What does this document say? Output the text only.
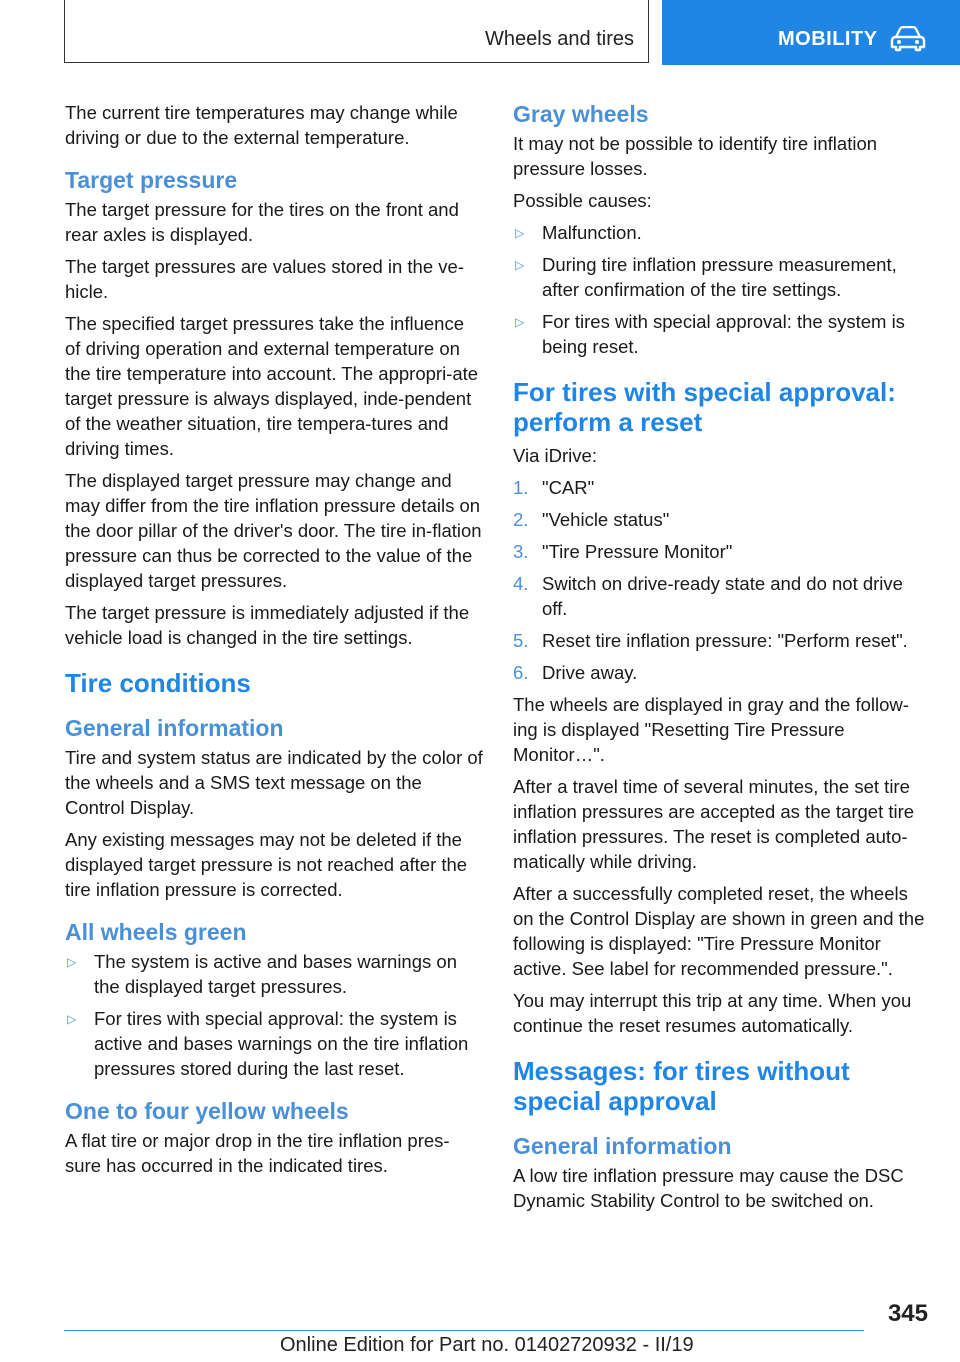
Wheels and tires	MOBILITY

The current tire temperatures may change while driving or due to the external temperature.

Target pressure

The target pressure for the tires on the front and rear axles is displayed.

The target pressures are values stored in the ve-hicle.

The specified target pressures take the influence of driving operation and external temperature on the tire temperature into account. The appropri-ate target pressure is always displayed, inde-pendent of the weather situation, tire tempera-tures and driving times.

The displayed target pressure may change and may differ from the tire inflation pressure details on the door pillar of the driver's door. The tire in-flation pressure can thus be corrected to the value of the displayed target pressures.

The target pressure is immediately adjusted if the vehicle load is changed in the tire settings.

Tire conditions
General information

Tire and system status are indicated by the color of the wheels and a SMS text message on the Control Display.

Any existing messages may not be deleted if the displayed target pressure is not reached after the tire inflation pressure is corrected.

All wheels green
▷ The system is active and bases warnings on the displayed target pressures.
▷ For tires with special approval: the system is active and bases warnings on the tire inflation pressures stored during the last reset.
One to four yellow wheels

A flat tire or major drop in the tire inflation pres-sure has occurred in the indicated tires.

Gray wheels

It may not be possible to identify tire inflation pressure losses.

Possible causes:

▷ Malfunction.
▷ During tire inflation pressure measurement, after confirmation of the tire settings.
▷ For tires with special approval: the system is being reset.
For tires with special approval: perform a reset

Via iDrive:

1. "CAR"
2. "Vehicle status"
3. "Tire Pressure Monitor"
4. Switch on drive-ready state and do not drive off.
5. Reset tire inflation pressure: "Perform reset".
6. Drive away.

The wheels are displayed in gray and the follow-ing is displayed "Resetting Tire Pressure Monitor…".

After a travel time of several minutes, the set tire inflation pressures are accepted as the target tire inflation pressures. The reset is completed auto-matically while driving.

After a successfully completed reset, the wheels on the Control Display are shown in green and the following is displayed: "Tire Pressure Monitor active. See label for recommended pressure.".

You may interrupt this trip at any time. When you continue the reset resumes automatically.

Messages: for tires without special approval
General information

A low tire inflation pressure may cause the DSC Dynamic Stability Control to be switched on.

345
Online Edition for Part no. 01402720932 - II/19
